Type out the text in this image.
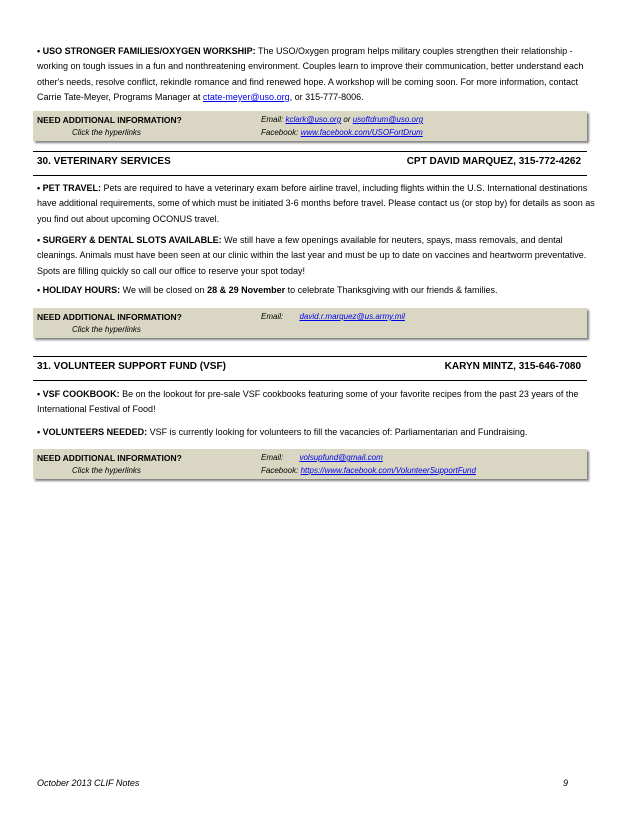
• USO STRONGER FAMILIES/OXYGEN WORKSHIP: The USO/Oxygen program helps military couples strengthen their relationship - working on tough issues in a fun and nonthreatening environment. Couples learn to improve their communication, better understand each other's needs, resolve conflict, rekindle romance and find renewed hope. A workshop will be coming soon. For more information, contact Carrie Tate-Meyer, Programs Manager at ctate-meyer@uso.org, or 315-777-8006.
NEED ADDITIONAL INFORMATION?
Click the hyperlinks
Email: kclark@uso.org or usoftdrum@uso.org
Facebook: www.facebook.com/USOFortDrum
30. VETERINARY SERVICES	CPT DAVID MARQUEZ, 315-772-4262
• PET TRAVEL: Pets are required to have a veterinary exam before airline travel, including flights within the U.S. International destinations have additional requirements, some of which must be initiated 3-6 months before travel. Please contact us (or stop by) for details as soon as you find out about upcoming OCONUS travel.
• SURGERY & DENTAL SLOTS AVAILABLE: We still have a few openings available for neuters, spays, mass removals, and dental cleanings. Animals must have been seen at our clinic within the last year and must be up to date on vaccines and heartworm preventative. Spots are filling quickly so call our office to reserve your spot today!
• HOLIDAY HOURS: We will be closed on 28 & 29 November to celebrate Thanksgiving with our friends & families.
NEED ADDITIONAL INFORMATION?
Click the hyperlinks
Email: david.r.marquez@us.army.mil
31. VOLUNTEER SUPPORT FUND (VSF)	KARYN MINTZ, 315-646-7080
• VSF COOKBOOK: Be on the lookout for pre-sale VSF cookbooks featuring some of your favorite recipes from the past 23 years of the International Festival of Food!
• VOLUNTEERS NEEDED: VSF is currently looking for volunteers to fill the vacancies of: Parliamentarian and Fundraising.
NEED ADDITIONAL INFORMATION?
Click the hyperlinks
Email: volsupfund@gmail.com
Facebook: https://www.facebook.com/VolunteerSupportFund
October 2013 CLIF Notes	9
